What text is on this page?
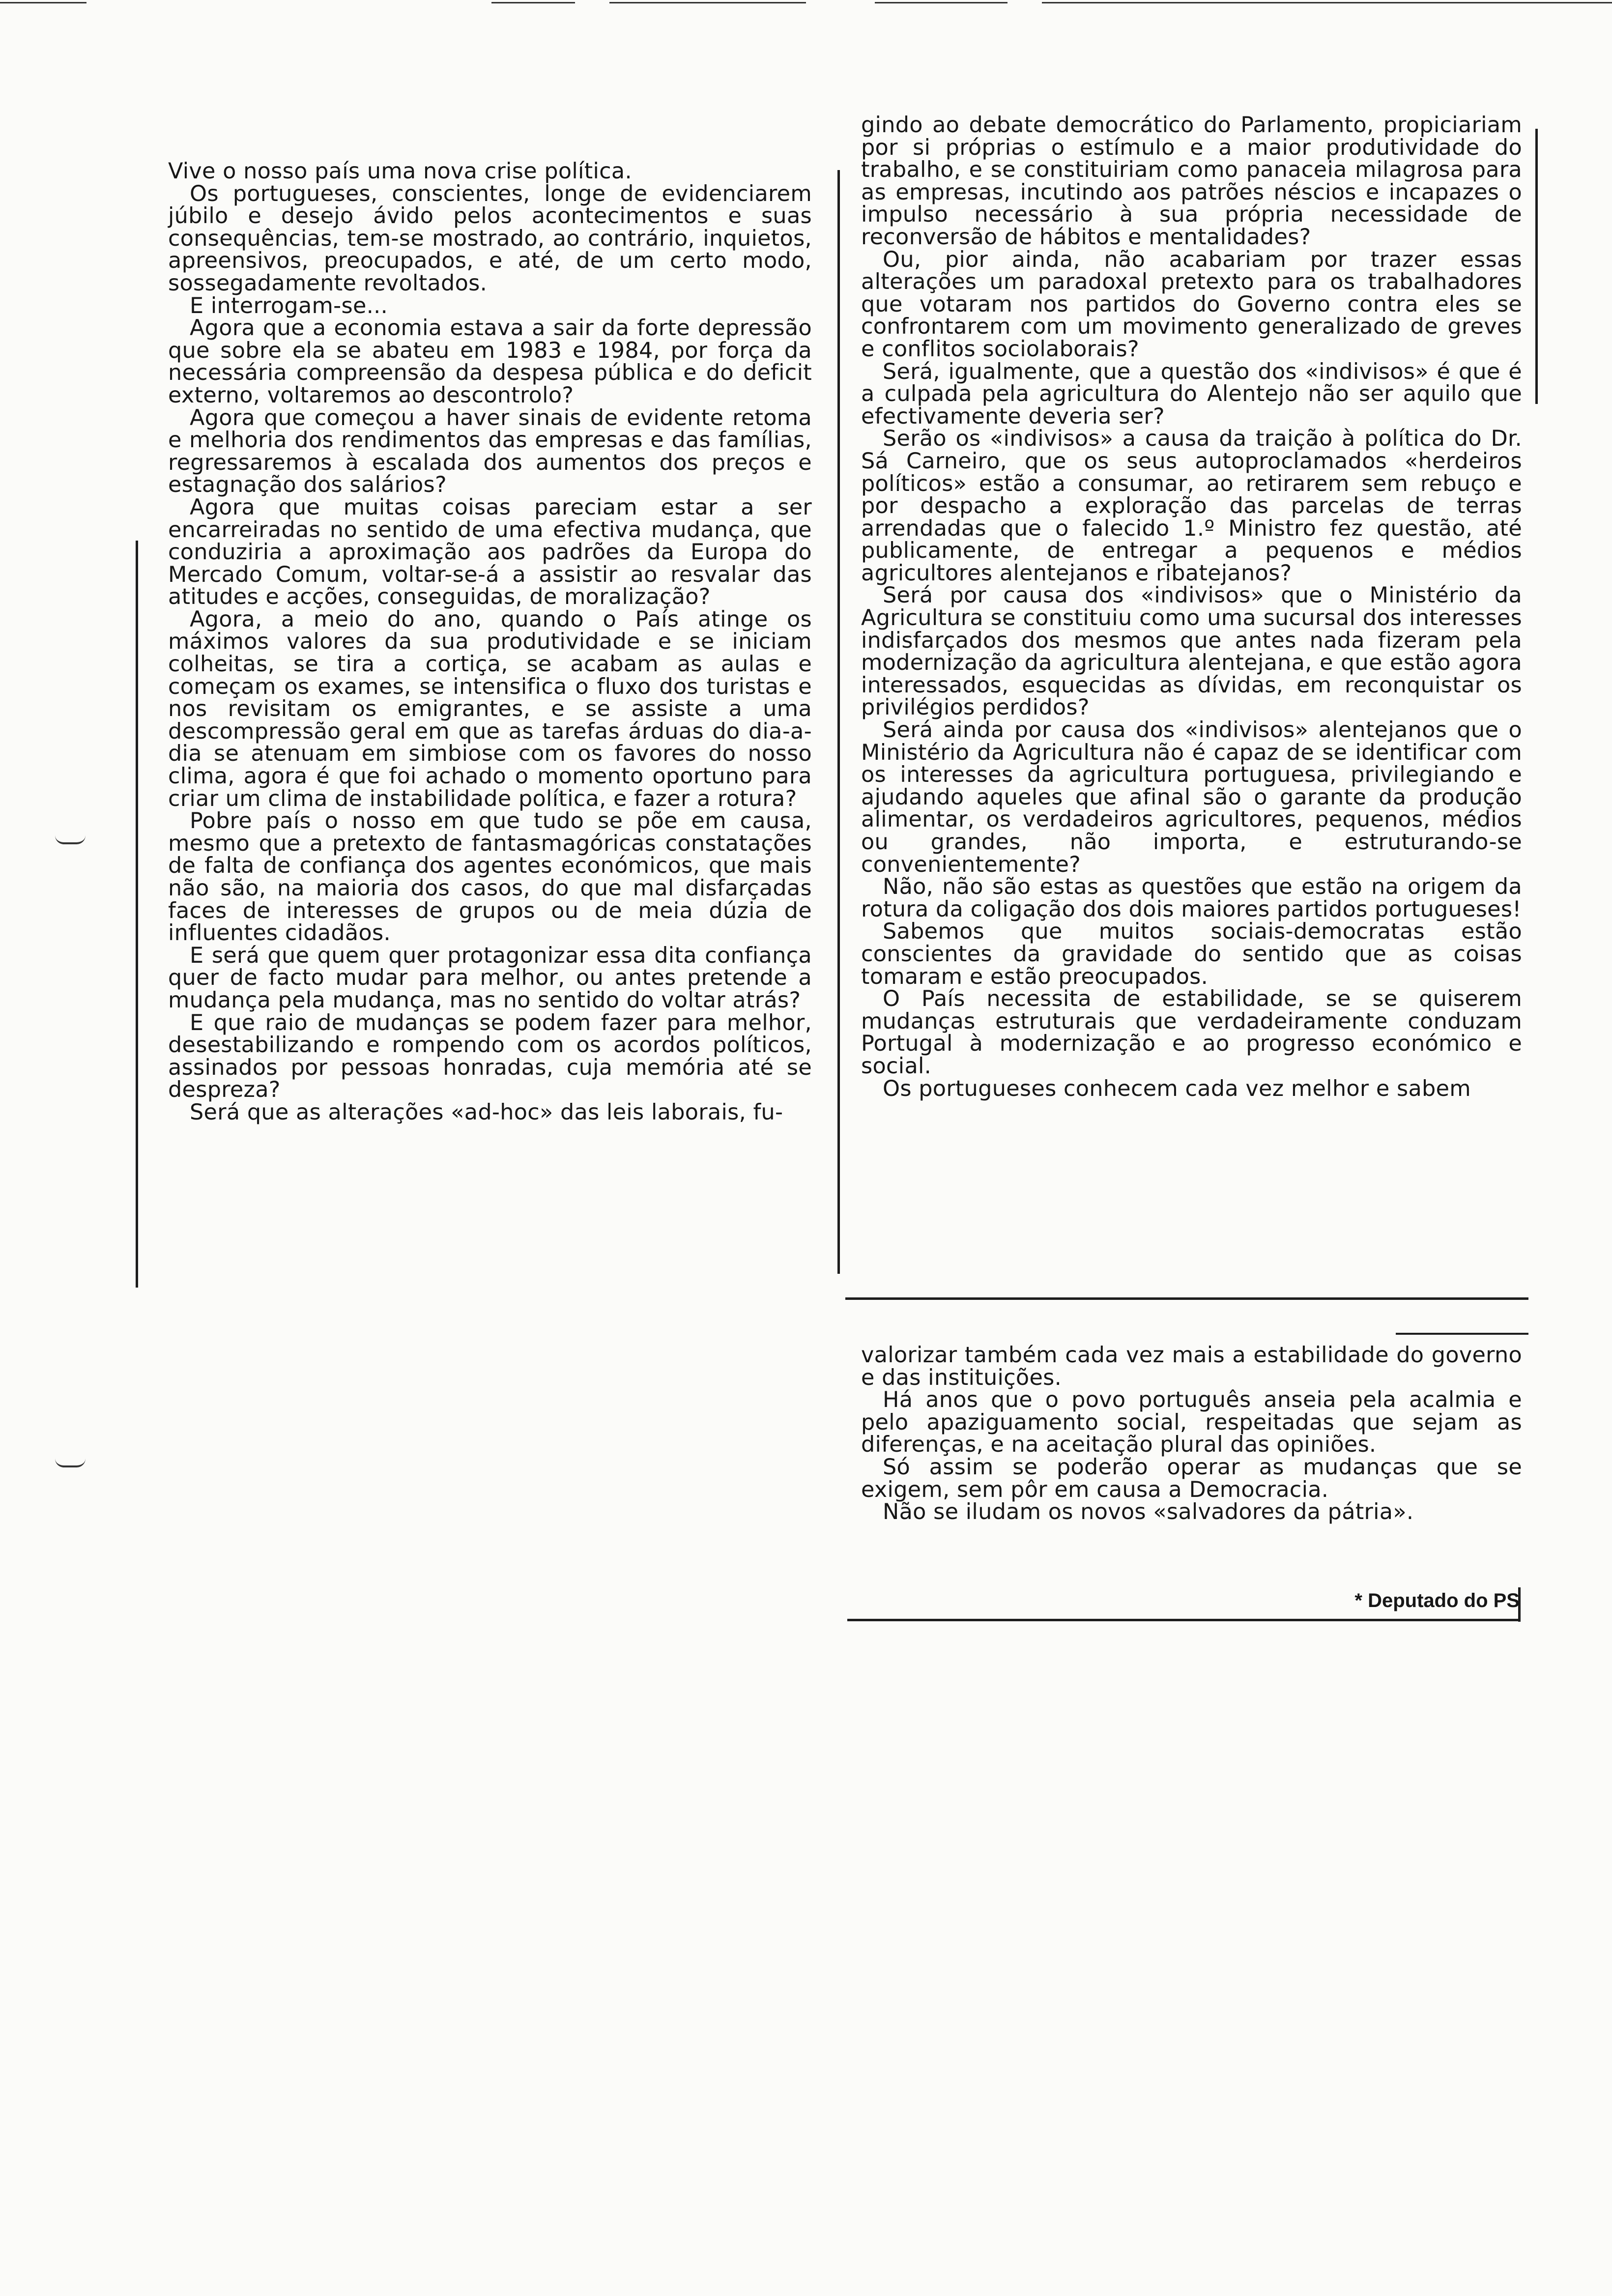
Vive o nosso país uma nova crise política.

Os portugueses, conscientes, longe de evidenciarem júbilo e desejo ávido pelos acontecimentos e suas consequências, tem-se mostrado, ao contrário, inquietos, apreensivos, preocupados, e até, de um certo modo, sossegadamente revoltados.

E interrogam-se...

Agora que a economia estava a sair da forte depressão que sobre ela se abateu em 1983 e 1984, por força da necessária compreensão da despesa pública e do deficit externo, voltaremos ao descontrolo?

Agora que começou a haver sinais de evidente retoma e melhoria dos rendimentos das empresas e das famílias, regressaremos à escalada dos aumentos dos preços e estagnação dos salários?

Agora que muitas coisas pareciam estar a ser encarreiradas no sentido de uma efectiva mudança, que conduziria a aproximação aos padrões da Europa do Mercado Comum, voltar-se-á a assistir ao resvalar das atitudes e acções, conseguidas, de moralização?

Agora, a meio do ano, quando o País atinge os máximos valores da sua produtividade e se iniciam colheitas, se tira a cortiça, se acabam as aulas e começam os exames, se intensifica o fluxo dos turistas e nos revisitam os emigrantes, e se assiste a uma descompressão geral em que as tarefas árduas do dia-a-dia se atenuam em simbiose com os favores do nosso clima, agora é que foi achado o momento oportuno para criar um clima de instabilidade política, e fazer a rotura?

Pobre país o nosso em que tudo se põe em causa, mesmo que a pretexto de fantasmagóricas constatações de falta de confiança dos agentes económicos, que mais não são, na maioria dos casos, do que mal disfarçadas faces de interesses de grupos ou de meia dúzia de influentes cidadãos.

E será que quem quer protagonizar essa dita confiança quer de facto mudar para melhor, ou antes pretende a mudança pela mudança, mas no sentido do voltar atrás?

E que raio de mudanças se podem fazer para melhor, desestabilizando e rompendo com os acordos políticos, assinados por pessoas honradas, cuja memória até se despreza?

Será que as alterações «ad-hoc» das leis laborais, fu-

gindo ao debate democrático do Parlamento, propiciariam por si próprias o estímulo e a maior produtividade do trabalho, e se constituiriam como panaceia milagrosa para as empresas, incutindo aos patrões néscios e incapazes o impulso necessário à sua própria necessidade de reconversão de hábitos e mentalidades?

Ou, pior ainda, não acabariam por trazer essas alterações um paradoxal pretexto para os trabalhadores que votaram nos partidos do Governo contra eles se confrontarem com um movimento generalizado de greves e conflitos sociolaborais?

Será, igualmente, que a questão dos «indivisos» é que é a culpada pela agricultura do Alentejo não ser aquilo que efectivamente deveria ser?

Serão os «indivisos» a causa da traição à política do Dr. Sá Carneiro, que os seus autoproclamados «herdeiros políticos» estão a consumar, ao retirarem sem rebuço e por despacho a exploração das parcelas de terras arrendadas que o falecido 1.º Ministro fez questão, até publicamente, de entregar a pequenos e médios agricultores alentejanos e ribatejanos?

Será por causa dos «indivisos» que o Ministério da Agricultura se constituiu como uma sucursal dos interesses indisfarçados dos mesmos que antes nada fizeram pela modernização da agricultura alentejana, e que estão agora interessados, esquecidas as dívidas, em reconquistar os privilégios perdidos?

Será ainda por causa dos «indivisos» alentejanos que o Ministério da Agricultura não é capaz de se identificar com os interesses da agricultura portuguesa, privilegiando e ajudando aqueles que afinal são o garante da produção alimentar, os verdadeiros agricultores, pequenos, médios ou grandes, não importa, e estruturando-se convenientemente?

Não, não são estas as questões que estão na origem da rotura da coligação dos dois maiores partidos portugueses!

Sabemos que muitos sociais-democratas estão conscientes da gravidade do sentido que as coisas tomaram e estão preocupados.

O País necessita de estabilidade, se se quiserem mudanças estruturais que verdadeiramente conduzam Portugal à modernização e ao progresso económico e social.

Os portugueses conhecem cada vez melhor e sabem

valorizar também cada vez mais a estabilidade do governo e das instituições.

Há anos que o povo português anseia pela acalmia e pelo apaziguamento social, respeitadas que sejam as diferenças, e na aceitação plural das opiniões.

Só assim se poderão operar as mudanças que se exigem, sem pôr em causa a Democracia.

Não se iludam os novos «salvadores da pátria».

* Deputado do PS
